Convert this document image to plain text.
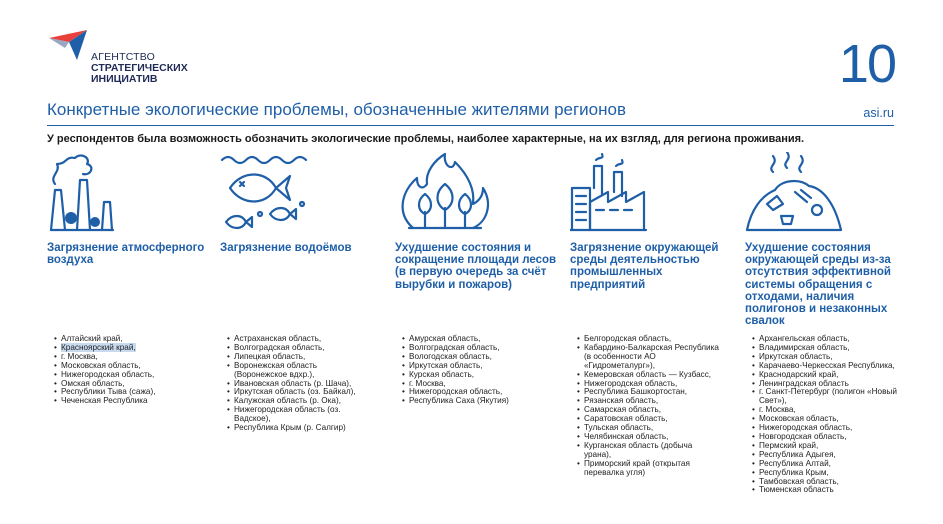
АГЕНТСТВО
СТРАТЕГИЧЕСКИХ
ИНИЦИАТИВ	10
Конкретные экологические проблемы, обозначенные жителями регионов	asi.ru
У респондентов была возможность обозначить экологические проблемы, наиболее характерные, на их взгляд, для региона проживания.
Загрязнение атмосферного воздуха
• Алтайский край,
• Красноярский край,
• г. Москва,
• Московская область,
• Нижегородская область,
• Омская область,
• Республики Тыва (сажа),
• Чеченская Республика
Загрязнение водоёмов
• Астраханская область,
• Волгоградская область,
• Липецкая область,
• Воронежская область (Воронежское вдхр.),
• Ивановская область (р. Шача),
• Иркутская область (оз. Байкал),
• Калужская область (р. Ока),
• Нижегородская область (оз. Вадское),
• Республика Крым (р. Салгир)
Ухудшение состояния и сокращение площади лесов (в первую очередь за счёт вырубки и пожаров)
• Амурская область,
• Волгоградская область,
• Вологодская область,
• Иркутская область,
• Курская область,
• г. Москва,
• Нижегородская область,
• Республика Саха (Якутия)
Загрязнение окружающей среды деятельностью промышленных предприятий
• Белгородская область,
• Кабардино-Балкарская Республика (в особенности АО «Гидрометалург»),
• Кемеровская область — Кузбасс,
• Нижегородская область,
• Республика Башкортостан,
• Рязанская область,
• Самарская область,
• Саратовская область,
• Тульская область,
• Челябинская область,
• Курганская область (добыча урана),
• Приморский край (открытая перевалка угля)
Ухудшение состояния окружающей среды из-за отсутствия эффективной системы обращения с отходами, наличия полигонов и незаконных свалок
• Архангельская область,
• Владимирская область,
• Иркутская область,
• Карачаево-Черкесская Республика,
• Краснодарский край,
• Ленинградская область
• г. Санкт-Петербург (полигон «Новый Свет»),
• г. Москва,
• Московская область,
• Нижегородская область,
• Новгородская область,
• Пермский край,
• Республика Адыгея,
• Республика Алтай,
• Республика Крым,
• Тамбовская область,
• Тюменская область
